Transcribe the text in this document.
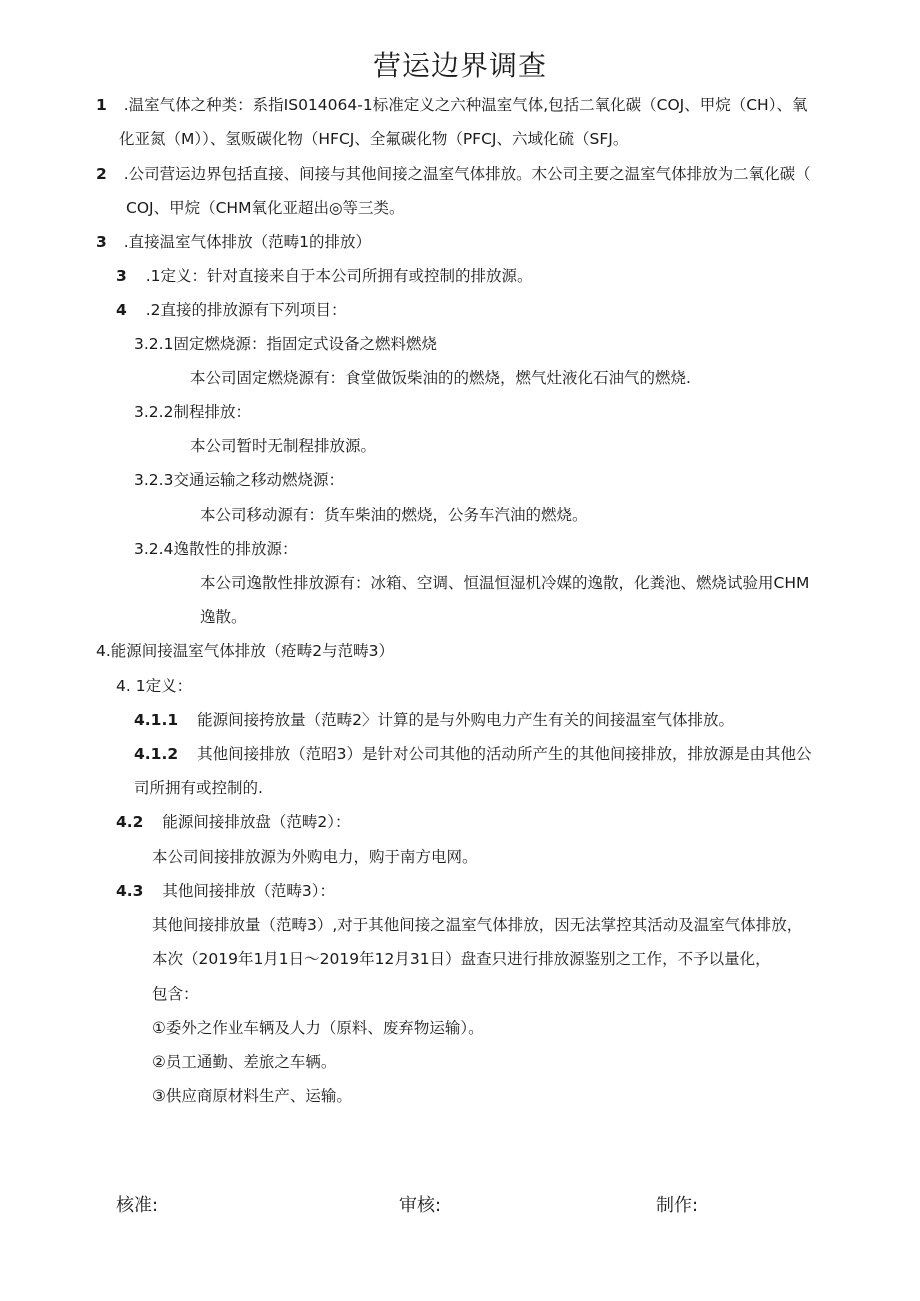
营运边界调查
1 .温室气体之种类：系指IS014064-1标准定义之六种温室气体,包括二氧化碳（COJ、甲烷（CH）、氧
化亚氮（M））、氢贩碳化物（HFCJ、全氟碳化物（PFCJ、六域化硫（SFJ。
2 .公司营运边界包括直接、间接与其他间接之温室气体排放。木公司主要之温室气体排放为二氧化碳（
COJ、甲烷（CHM氧化亚超出◎等三类。
3 .直接温室气体排放（范畴1的排放）
3 .1定义：针对直接来自于本公司所拥有或控制的排放源。
4 .2直接的排放源有下列项目：
3.2.1固定燃烧源：指固定式设备之燃料燃烧
本公司固定燃烧源有：食堂做饭柴油的的燃烧，燃气灶液化石油气的燃烧.
3.2.2制程排放：
本公司暂时无制程排放源。
3.2.3交通运输之移动燃烧源：
本公司移动源有：货车柴油的燃烧，公务车汽油的燃烧。
3.2.4逸散性的排放源：
本公司逸散性排放源有：冰箱、空调、恒温恒湿机冷媒的逸散，化粪池、燃烧试验用CHM
逸散。
4.能源间接温室气体排放（疮畴2与范畴3）
4. 1定义：
4.1.1 能源间接挎放量（范畴2〉计算的是与外购电力产生有关的间接温室气体排放。
4.1.2 其他间接排放（范昭3）是针对公司其他的活动所产生的其他间接排放，排放源是由其他公
司所拥有或控制的.
4.2 能源间接排放盘（范畴2）：
本公司间接排放源为外购电力，购于南方电网。
4.3 其他间接排放（范畴3）：
其他间接排放量（范畴3）,对于其他间接之温室气体排放，因无法掌控其活动及温室气体排放，
本次（2019年1月1日～2019年12月31日）盘查只进行排放源鉴别之工作，不予以量化，
包含：
①委外之作业车辆及人力（原料、废弃物运输）。
②员工通勤、差旅之车辆。
③供应商原材料生产、运输。
核准:	审核:	制作:
